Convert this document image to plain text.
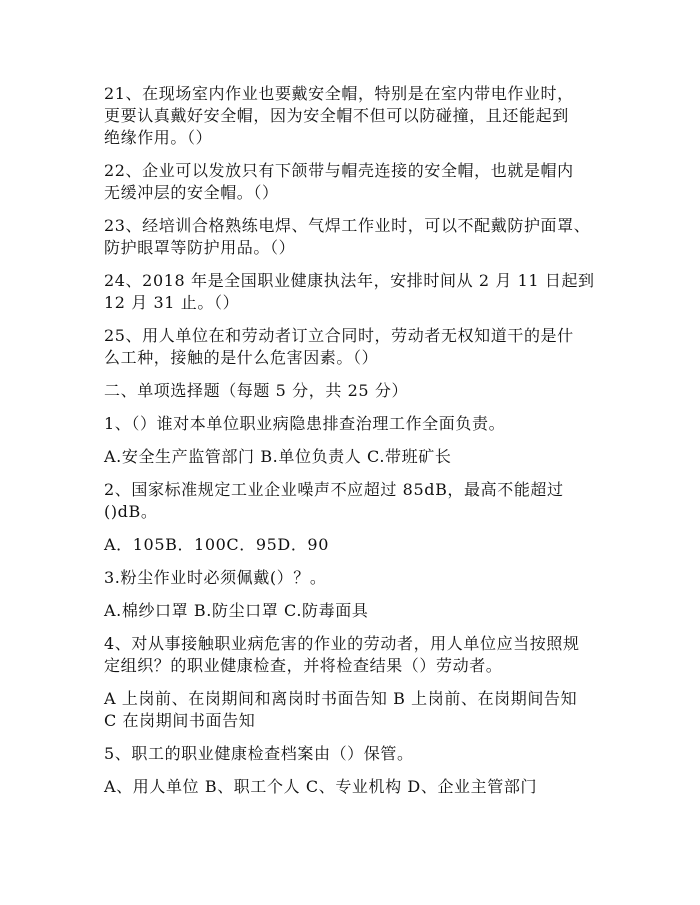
21、在现场室内作业也要戴安全帽，特别是在室内带电作业时，
更要认真戴好安全帽，因为安全帽不但可以防碰撞，且还能起到
绝缘作用。（）
22、企业可以发放只有下颌带与帽壳连接的安全帽，也就是帽内
无缓冲层的安全帽。（）
23、经培训合格熟练电焊、气焊工作业时，可以不配戴防护面罩、
防护眼罩等防护用品。（）
24、2018 年是全国职业健康执法年，安排时间从 2 月 11 日起到
12 月 31 止。（）
25、用人单位在和劳动者订立合同时，劳动者无权知道干的是什
么工种，接触的是什么危害因素。（）
二、单项选择题（每题 5 分，共 25 分）
1、（）谁对本单位职业病隐患排查治理工作全面负责。
A.安全生产监管部门 B.单位负责人 C.带班矿长
2、国家标准规定工业企业噪声不应超过 85dB，最高不能超过
()dB。
A．105B．100C．95D．90
3.粉尘作业时必须佩戴(）？。
A.棉纱口罩 B.防尘口罩 C.防毒面具
4、对从事接触职业病危害的作业的劳动者，用人单位应当按照规
定组织？的职业健康检查，并将检查结果（）劳动者。
A 上岗前、在岗期间和离岗时书面告知 B 上岗前、在岗期间告知
C 在岗期间书面告知
5、职工的职业健康检查档案由（）保管。
A、用人单位 B、职工个人 C、专业机构 D、企业主管部门
